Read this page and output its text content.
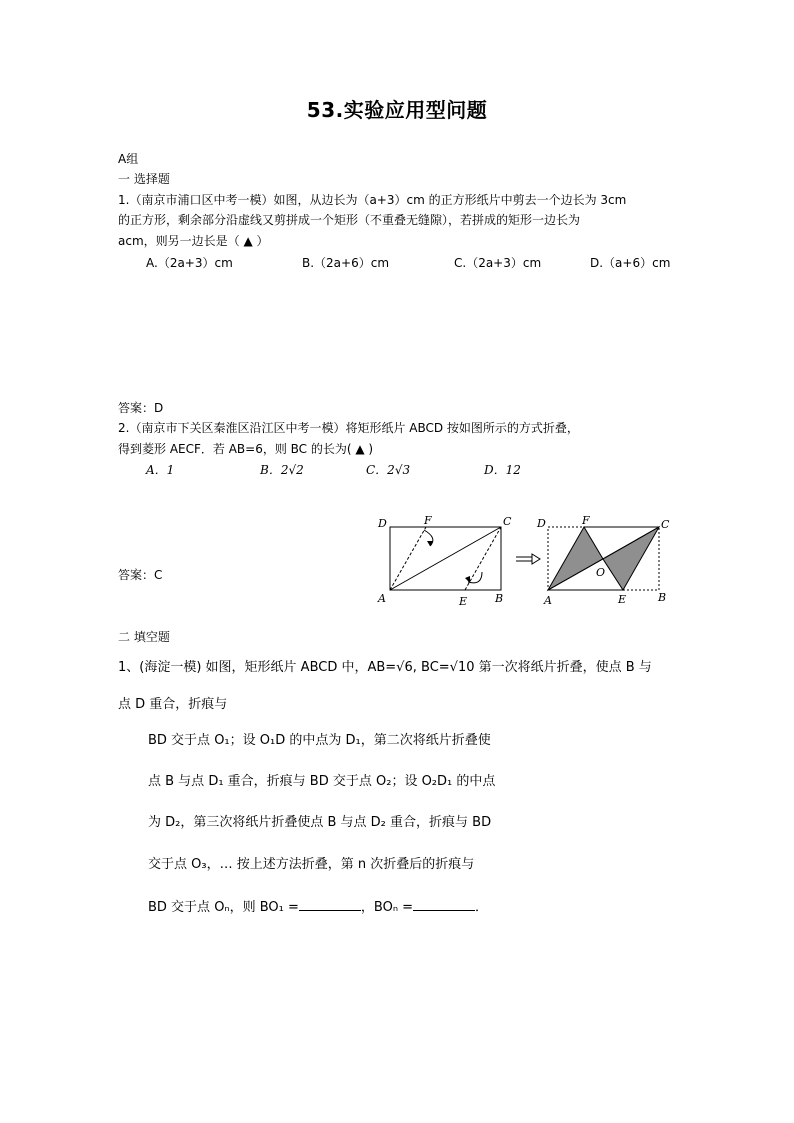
53.实验应用型问题
A组
一 选择题
1.（南京市浦口区中考一模）如图，从边长为（a+3）cm 的正方形纸片中剪去一个边长为 3cm
的正方形，剩余部分沿虚线又剪拼成一个矩形（不重叠无缝隙），若拼成的矩形一边长为
acm，则另一边长是（ ▲ ）
A.（2a+3）cm	B.（2a+6）cm	C.（2a+3）cm	D.（a+6）cm
答案：D
2.（南京市下关区秦淮区沿江区中考一模）将矩形纸片 ABCD 按如图所示的方式折叠，
得到菱形 AECF．若 AB=6，则 BC 的长为( ▲ )
A．1	B．2√2	C．2√3	D．12
答案：C
D	F	C
A	E	B
D	F	C
O
A	E	B
二 填空题
1、(海淀一模) 如图，矩形纸片 ABCD 中，AB=√6, BC=√10 第一次将纸片折叠，使点 B 与
点 D 重合，折痕与
BD 交于点 O₁；设 O₁D 的中点为 D₁，第二次将纸片折叠使
点 B 与点 D₁ 重合，折痕与 BD 交于点 O₂；设 O₂D₁ 的中点
为 D₂，第三次将纸片折叠使点 B 与点 D₂ 重合，折痕与 BD
交于点 O₃，… 按上述方法折叠，第 n 次折叠后的折痕与
BD 交于点 Oₙ，则 BO₁ =	，BOₙ =	．
